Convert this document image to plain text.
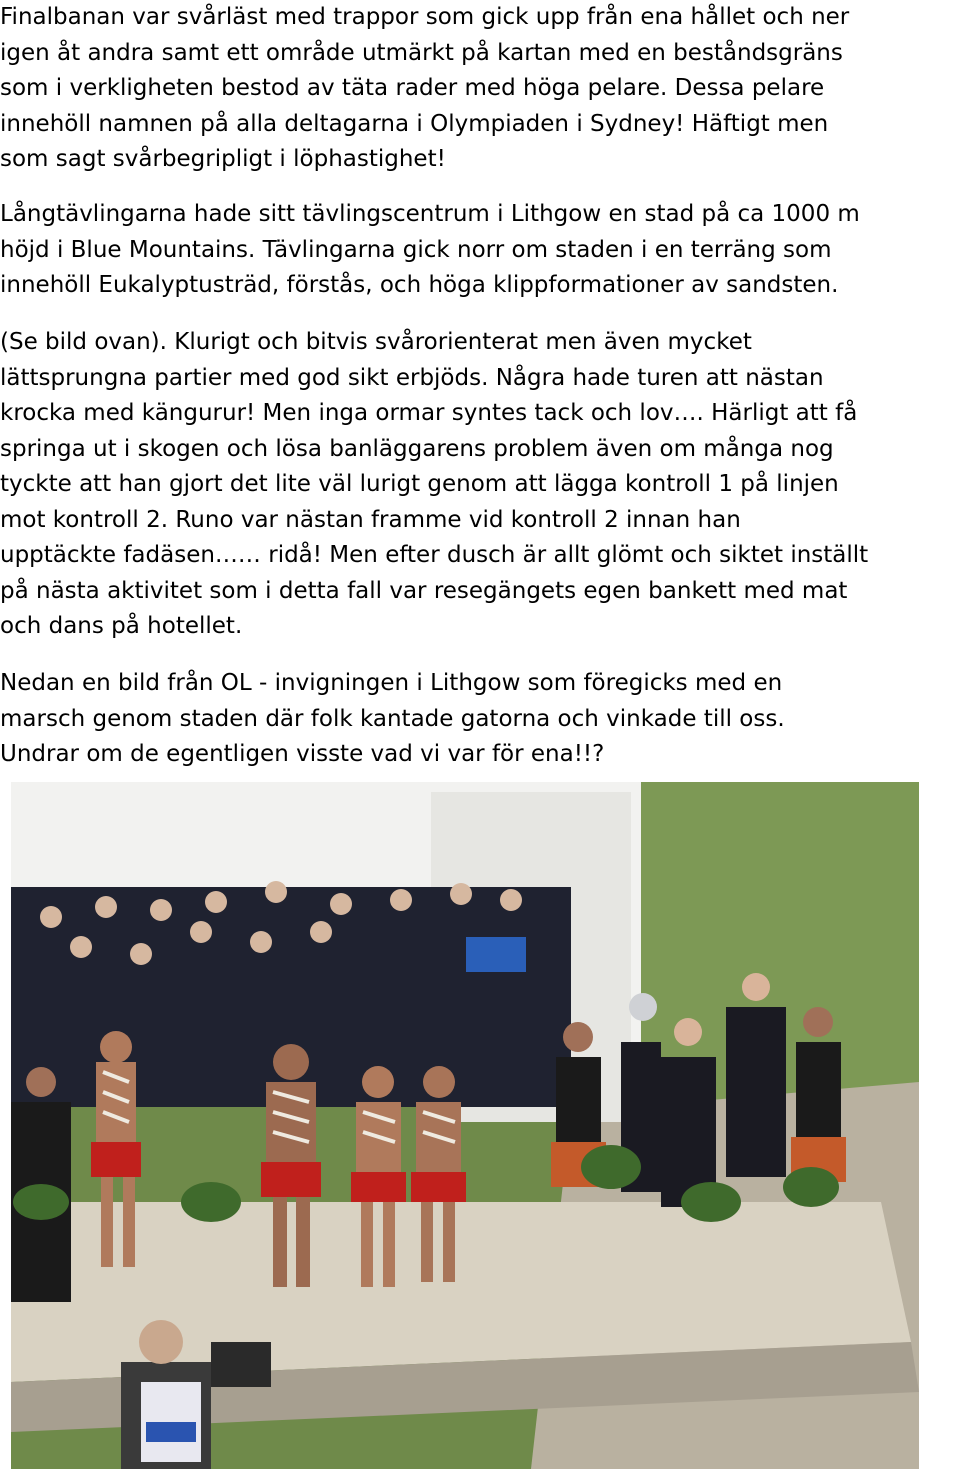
Finalbanan var svårläst med trappor som gick upp från ena hållet och ner
igen åt andra samt ett område utmärkt på kartan med en beståndsgräns
som i verkligheten bestod av täta rader med höga pelare. Dessa pelare
innehöll namnen på alla deltagarna i Olympiaden i Sydney! Häftigt men
som sagt svårbegripligt i löphastighet!

Långtävlingarna hade sitt tävlingscentrum i Lithgow en stad på ca 1000 m
höjd i Blue Mountains. Tävlingarna gick norr om staden i en terräng som
innehöll Eukalyptusträd, förstås, och höga klippformationer av sandsten.

(Se bild ovan). Klurigt och bitvis svårorienterat men även mycket
lättsprungna partier med god sikt erbjöds. Några hade turen att nästan
krocka med kängurur! Men inga ormar syntes tack och lov…. Härligt att få
springa ut i skogen och lösa banläggarens problem även om många nog
tyckte att han gjort det lite väl lurigt genom att lägga kontroll 1 på linjen
mot kontroll 2. Runo var nästan framme vid kontroll 2 innan han
upptäckte fadäsen…… ridå! Men efter dusch är allt glömt och siktet inställt
på nästa aktivitet som i detta fall var resegängets egen bankett med mat
och dans på hotellet.

Nedan en bild från OL - invigningen i Lithgow som föregicks med en
marsch genom staden där folk kantade gatorna och vinkade till oss.
Undrar om de egentligen visste vad vi var för ena!!?
